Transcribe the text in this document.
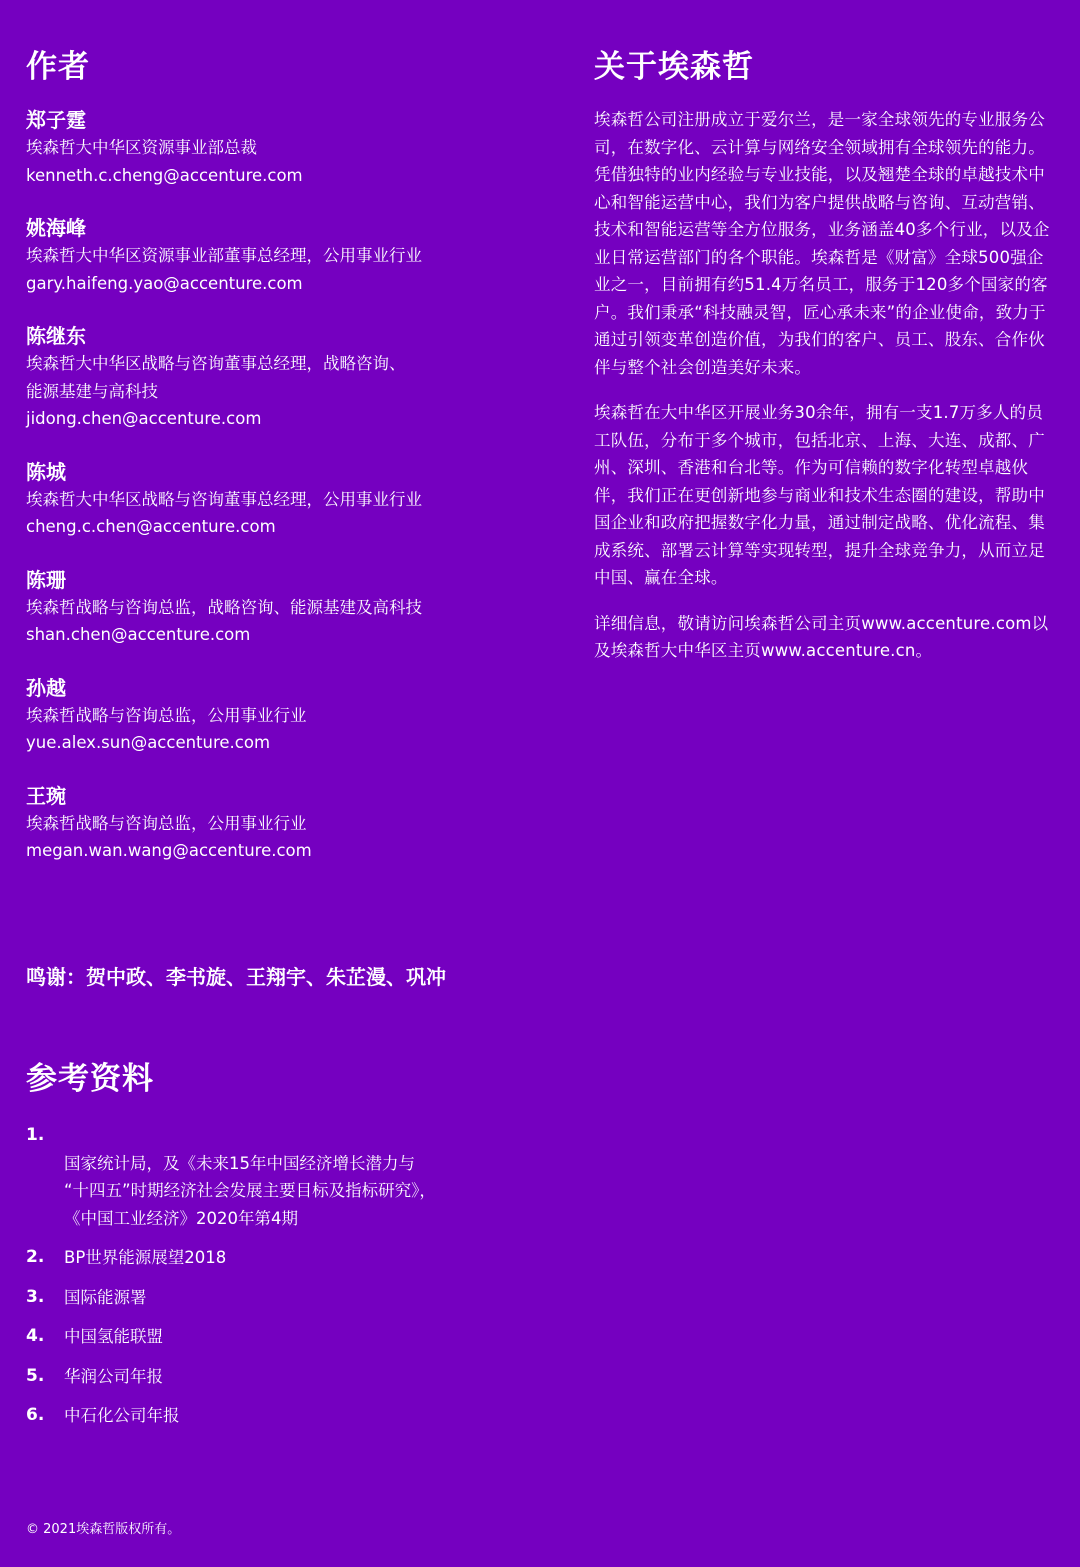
作者
郑子霆
埃森哲大中华区资源事业部总裁
kenneth.c.cheng@accenture.com
姚海峰
埃森哲大中华区资源事业部董事总经理，公用事业行业
gary.haifeng.yao@accenture.com
陈继东
埃森哲大中华区战略与咨询董事总经理，战略咨询、
能源基建与高科技
jidong.chen@accenture.com
陈城
埃森哲大中华区战略与咨询董事总经理，公用事业行业
cheng.c.chen@accenture.com
陈珊
埃森哲战略与咨询总监，战略咨询、能源基建及高科技
shan.chen@accenture.com
孙越
埃森哲战略与咨询总监，公用事业行业
yue.alex.sun@accenture.com
王琬
埃森哲战略与咨询总监，公用事业行业
megan.wan.wang@accenture.com
鸣谢：贺中政、李书旋、王翔宇、朱芷漫、巩冲
参考资料

1.
国家统计局，及《未来15年中国经济增长潜力与
“十四五”时期经济社会发展主要目标及指标研究》，
《中国工业经济》2020年第4期

2. BP世界能源展望2018
3. 国际能源署
4. 中国氢能联盟
5. 华润公司年报
6. 中石化公司年报
关于埃森哲

埃森哲公司注册成立于爱尔兰，是一家全球领先的专业服务公司，在数字化、云计算与网络安全领域拥有全球领先的能力。凭借独特的业内经验与专业技能，以及翘楚全球的卓越技术中心和智能运营中心，我们为客户提供战略与咨询、互动营销、技术和智能运营等全方位服务，业务涵盖40多个行业，以及企业日常运营部门的各个职能。埃森哲是《财富》全球500强企业之一，目前拥有约51.4万名员工，服务于120多个国家的客户。我们秉承“科技融灵智，匠心承未来”的企业使命，致力于通过引领变革创造价值，为我们的客户、员工、股东、合作伙伴与整个社会创造美好未来。

埃森哲在大中华区开展业务30余年，拥有一支1.7万多人的员工队伍，分布于多个城市，包括北京、上海、大连、成都、广州、深圳、香港和台北等。作为可信赖的数字化转型卓越伙伴，我们正在更创新地参与商业和技术生态圈的建设，帮助中国企业和政府把握数字化力量，通过制定战略、优化流程、集成系统、部署云计算等实现转型，提升全球竞争力，从而立足中国、赢在全球。

详细信息，敬请访问埃森哲公司主页www.accenture.com以及埃森哲大中华区主页www.accenture.cn。

© 2021埃森哲版权所有。
